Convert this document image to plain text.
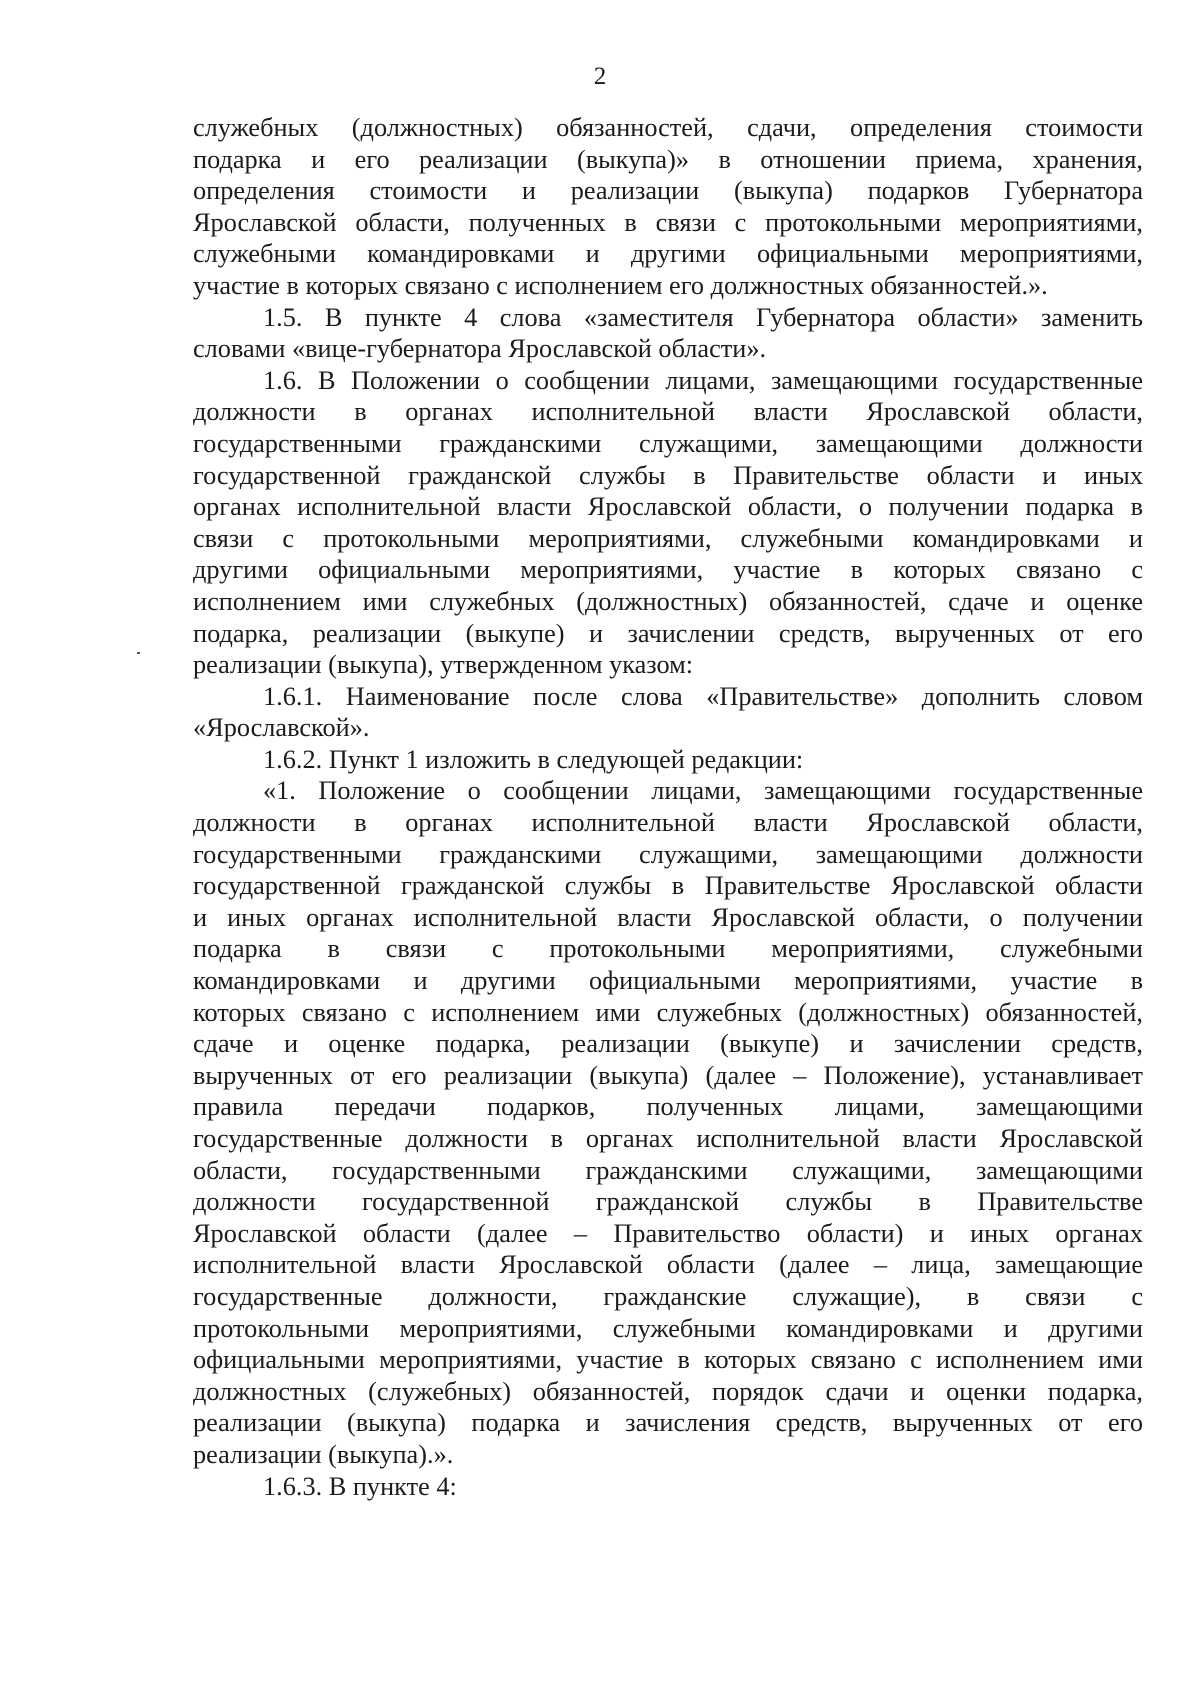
2
служебных (должностных) обязанностей, сдачи, определения стоимости
подарка и его реализации (выкупа)» в отношении приема, хранения,
определения стоимости и реализации (выкупа) подарков Губернатора
Ярославской области, полученных в связи с протокольными мероприятиями,
служебными командировками и другими официальными мероприятиями,
участие в которых связано с исполнением его должностных обязанностей.».
1.5. В пункте 4 слова «заместителя Губернатора области» заменить
словами «вице-губернатора Ярославской области».
1.6. В Положении о сообщении лицами, замещающими государственные
должности в органах исполнительной власти Ярославской области,
государственными гражданскими служащими, замещающими должности
государственной гражданской службы в Правительстве области и иных
органах исполнительной власти Ярославской области, о получении подарка в
связи с протокольными мероприятиями, служебными командировками и
другими официальными мероприятиями, участие в которых связано с
исполнением ими служебных (должностных) обязанностей, сдаче и оценке
подарка, реализации (выкупе) и зачислении средств, вырученных от его
реализации (выкупа), утвержденном указом:
1.6.1. Наименование после слова «Правительстве» дополнить словом
«Ярославской».
1.6.2. Пункт 1 изложить в следующей редакции:
«1. Положение о сообщении лицами, замещающими государственные
должности в органах исполнительной власти Ярославской области,
государственными гражданскими служащими, замещающими должности
государственной гражданской службы в Правительстве Ярославской области
и иных органах исполнительной власти Ярославской области, о получении
подарка в связи с протокольными мероприятиями, служебными
командировками и другими официальными мероприятиями, участие в
которых связано с исполнением ими служебных (должностных) обязанностей,
сдаче и оценке подарка, реализации (выкупе) и зачислении средств,
вырученных от его реализации (выкупа) (далее – Положение), устанавливает
правила передачи подарков, полученных лицами, замещающими
государственные должности в органах исполнительной власти Ярославской
области, государственными гражданскими служащими, замещающими
должности государственной гражданской службы в Правительстве
Ярославской области (далее – Правительство области) и иных органах
исполнительной власти Ярославской области (далее – лица, замещающие
государственные должности, гражданские служащие), в связи с
протокольными мероприятиями, служебными командировками и другими
официальными мероприятиями, участие в которых связано с исполнением ими
должностных (служебных) обязанностей, порядок сдачи и оценки подарка,
реализации (выкупа) подарка и зачисления средств, вырученных от его
реализации (выкупа).».
1.6.3. В пункте 4:
